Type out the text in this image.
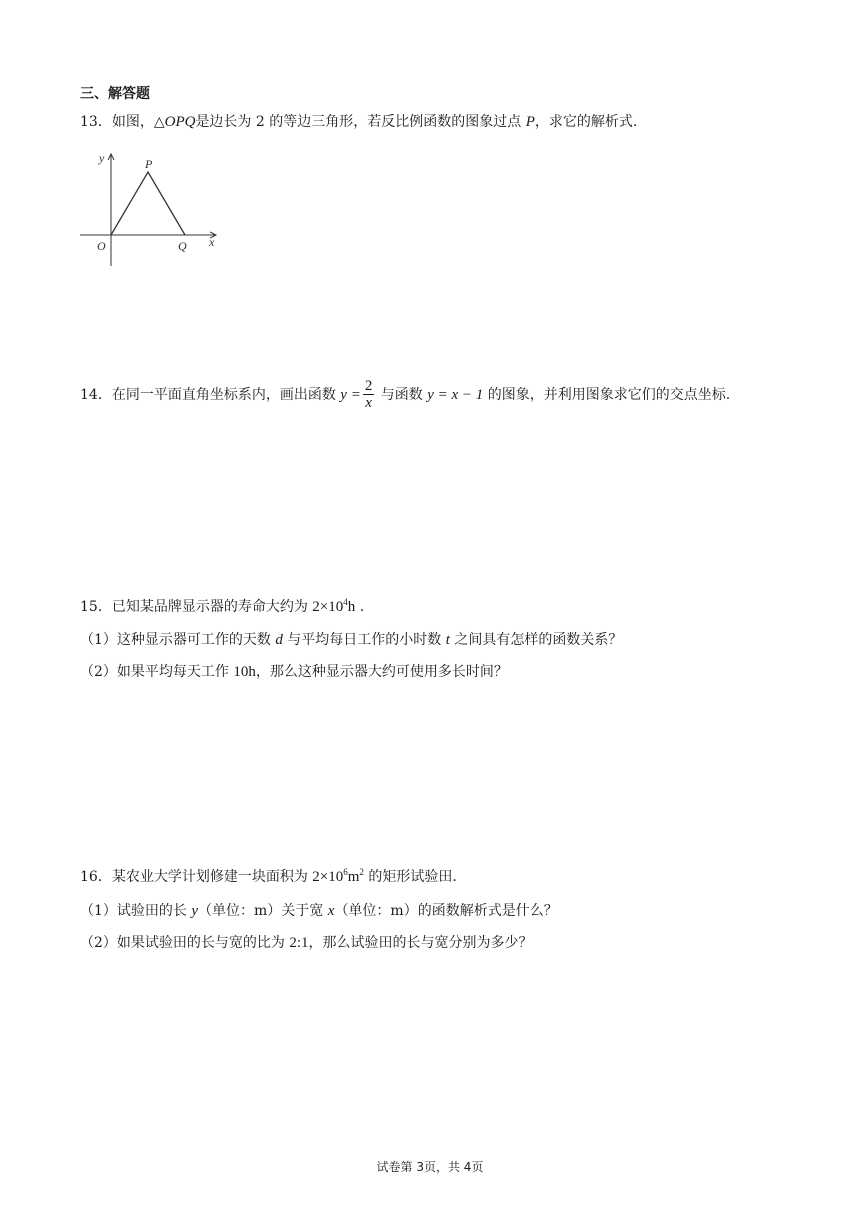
三、解答题
13．如图，△OPQ是边长为 2 的等边三角形，若反比例函数的图象过点 P，求它的解析式.
y
x
O
P
Q
14．在同一平面直角坐标系内，画出函数 $y = \frac{2}{x}$ 与函数 y = x − 1 的图象，并利用图象求它们的交点坐标.
15．已知某品牌显示器的寿命大约为 $2\times 10^4h$ .
（1）这种显示器可工作的天数 d 与平均每日工作的小时数 t 之间具有怎样的函数关系？
（2）如果平均每天工作 10h，那么这种显示器大约可使用多长时间？
16．某农业大学计划修建一块面积为 $2\times 10^6m^2$ 的矩形试验田.
（1）试验田的长 y（单位：m）关于宽 x（单位：m）的函数解析式是什么？
（2）如果试验田的长与宽的比为 2:1，那么试验田的长与宽分别为多少？
试卷第 3页，共 4页
